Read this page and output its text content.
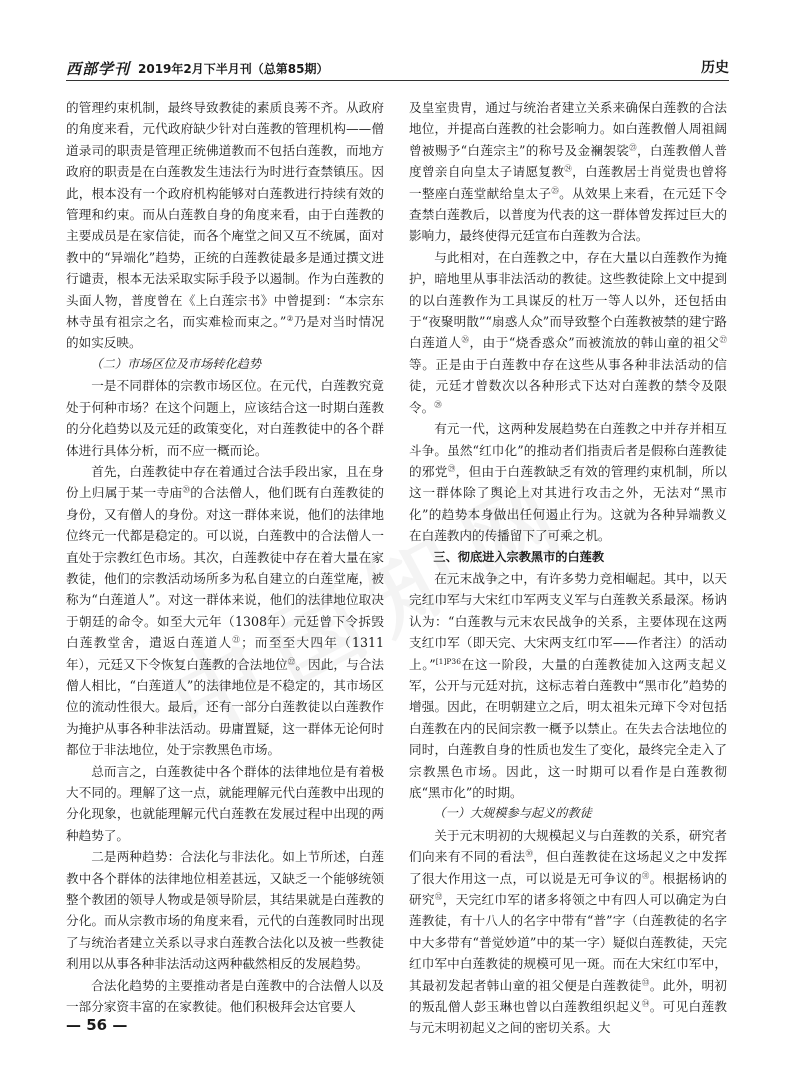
西部学刊 2019年2月下半月刊（总第85期）	历史

的管理约束机制，最终导致教徒的素质良莠不齐。从政府的角度来看，元代政府缺少针对白莲教的管理机构——僧道录司的职责是管理正统佛道教而不包括白莲教，而地方政府的职责是在白莲教发生违法行为时进行查禁镇压。因此，根本没有一个政府机构能够对白莲教进行持续有效的管理和约束。而从白莲教自身的角度来看，由于白莲教的主要成员是在家信徒，而各个庵堂之间又互不统属，面对教中的“异端化”趋势，正统的白莲教徒最多是通过撰文进行谴责，根本无法采取实际手段予以遏制。作为白莲教的头面人物，普度曾在《上白莲宗书》中曾提到：“本宗东林寺虽有祖宗之名，而实难检而束之。”②乃是对当时情况的如实反映。

（二）市场区位及市场转化趋势

一是不同群体的宗教市场区位。在元代，白莲教究竟处于何种市场？在这个问题上，应该结合这一时期白莲教的分化趋势以及元廷的政策变化，对白莲教徒中的各个群体进行具体分析，而不应一概而论。

首先，白莲教徒中存在着通过合法手段出家，且在身份上归属于某一寺庙⑳的合法僧人，他们既有白莲教徒的身份，又有僧人的身份。对这一群体来说，他们的法律地位终元一代都是稳定的。可以说，白莲教中的合法僧人一直处于宗教红色市场。其次，白莲教徒中存在着大量在家教徒，他们的宗教活动场所多为私自建立的白莲堂庵，被称为“白莲道人”。对这一群体来说，他们的法律地位取决于朝廷的命令。如至大元年（1308年）元廷曾下令拆毁白莲教堂舍，遣返白莲道人$^㉑$；而至至大四年（1311年），元廷又下令恢复白莲教的合法地位$^㉒$。因此，与合法僧人相比，“白莲道人”的法律地位是不稳定的，其市场区位的流动性很大。最后，还有一部分白莲教徒以白莲教作为掩护从事各种非法活动。毋庸置疑，这一群体无论何时都位于非法地位，处于宗教黑色市场。

总而言之，白莲教徒中各个群体的法律地位是有着极大不同的。理解了这一点，就能理解元代白莲教中出现的分化现象，也就能理解元代白莲教在发展过程中出现的两种趋势了。

二是两种趋势：合法化与非法化。如上节所述，白莲教中各个群体的法律地位相差甚远，又缺乏一个能够统领整个教团的领导人物或是领导阶层，其结果就是白莲教的分化。而从宗教市场的角度来看，元代的白莲教同时出现了与统治者建立关系以寻求白莲教合法化以及被一些教徒利用以从事各种非法活动这两种截然相反的发展趋势。

合法化趋势的主要推动者是白莲教中的合法僧人以及一部分家资丰富的在家教徒。他们积极拜会达官要人

及皇室贵胄，通过与统治者建立关系来确保白莲教的合法地位，并提高白莲教的社会影响力。如白莲教僧人周祖阔曾被赐予“白莲宗主”的称号及金襕袈裟$^㉓$，白莲教僧人普度曾亲自向皇太子请愿复教$^㉔$，白莲教居士肖觉贵也曾将一整座白莲堂献给皇太子$^㉕$。从效果上来看，在元廷下令查禁白莲教后，以普度为代表的这一群体曾发挥过巨大的影响力，最终使得元廷宣布白莲教为合法。

与此相对，在白莲教之中，存在大量以白莲教作为掩护，暗地里从事非法活动的教徒。这些教徒除上文中提到的以白莲教作为工具谋反的杜万一等人以外，还包括由于“夜聚明散”“扇惑人众”而导致整个白莲教被禁的建宁路白莲道人$^㉖$，由于“烧香惑众”而被流放的韩山童的祖父$^㉗$等。正是由于白莲教中存在这些从事各种非法活动的信徒，元廷才曾数次以各种形式下达对白莲教的禁令及限令。$^㉘$

有元一代，这两种发展趋势在白莲教之中并存并相互斗争。虽然“红巾化”的推动者们指责后者是假称白莲教徒的邪党$^㉙$，但由于白莲教缺乏有效的管理约束机制，所以这一群体除了舆论上对其进行攻击之外，无法对“黑市化”的趋势本身做出任何遏止行为。这就为各种异端教义在白莲教内的传播留下了可乘之机。

三、彻底进入宗教黑市的白莲教

在元末战争之中，有许多势力竞相崛起。其中，以天完红巾军与大宋红巾军两支义军与白莲教关系最深。杨讷认为：“白莲教与元末农民战争的关系，主要体现在这两支红巾军（即天完、大宋两支红巾军——作者注）的活动上。”$^{[1]P36}$在这一阶段，大量的白莲教徒加入这两支起义军，公开与元廷对抗，这标志着白莲教中“黑市化”趋势的增强。因此，在明朝建立之后，明太祖朱元璋下令对包括白莲教在内的民间宗教一概予以禁止。在失去合法地位的同时，白莲教自身的性质也发生了变化，最终完全走入了宗教黑色市场。因此，这一时期可以看作是白莲教彻底“黑市化”的时期。

（一）大规模参与起义的教徒

关于元末明初的大规模起义与白莲教的关系，研究者们向来有不同的看法$^㉚$，但白莲教徒在这场起义之中发挥了很大作用这一点，可以说是无可争议的$^㉛$。根据杨讷的研究$^㉜$，天完红巾军的诸多将领之中有四人可以确定为白莲教徒，有十八人的名字中带有“普”字（白莲教徒的名字中大多带有“普觉妙道”中的某一字）疑似白莲教徒，天完红巾军中白莲教徒的规模可见一斑。而在大宋红巾军中，其最初发起者韩山童的祖父便是白莲教徒$^㉝$。此外，明初的叛乱僧人彭玉琳也曾以白莲教组织起义$^㉞$。可见白莲教与元末明初起义之间的密切关系。大

— 56 —
